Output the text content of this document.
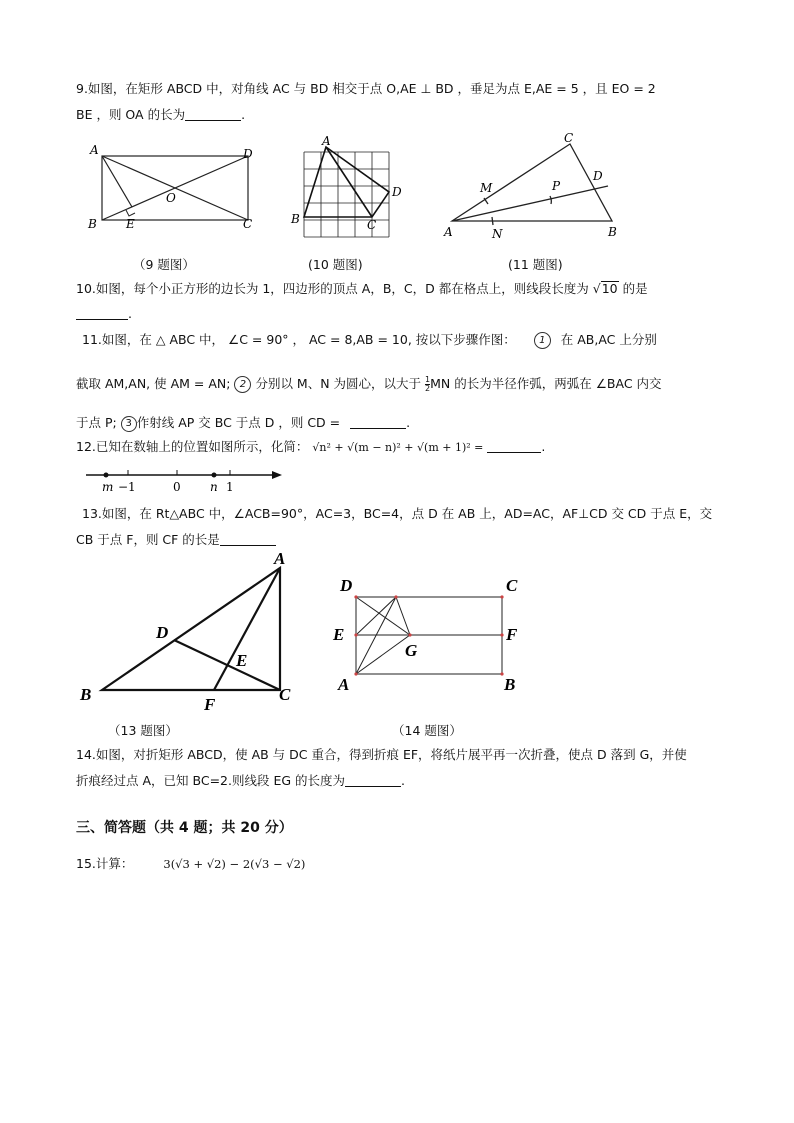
9.如图，在矩形 ABCD 中，对角线 AC 与 BD 相交于点 O,AE ⊥ BD ，垂足为点 E,AE = 5 ，且 EO = 2
BE ，则 OA 的长为	.
A	D
B	C
E
O
（9 题图）
A
B	C
D
(10 题图)
C
M	P
D
A	N	B
(11 题图)
10.如图，每个小正方形的边长为 1，四边形的顶点 A，B，C，D 都在格点上，则线段长度为 √10 的是
.
11.如图，在 △ ABC 中， ∠C = 90° ， AC = 8,AB = 10, 按以下步骤作图： 1 在 AB,AC 上分别
截取 AM,AN, 使 AM = AN; 2 分别以 M、N 为圆心，以大于 $\frac{1}{2}$ MN 的长为半径作弧，两弧在 ∠BAC 内交
于点 P; 3 作射线 AP 交 BC 于点 D ，则 CD =	.
12.已知在数轴上的位置如图所示，化简： √n² + √(m − n)² + √(m + 1)² =	.
m −1	0 n 1
13.如图，在 Rt△ABC 中，∠ACB=90°，AC=3，BC=4，点 D 在 AB 上，AD=AC，AF⊥CD 交 CD 于点 E，交
CB 于点 F，则 CF 的长是
A
D
E
B
F
C
（13 题图）
D	C
E	F
G
A	B
（14 题图）
14.如图，对折矩形 ABCD，使 AB 与 DC 重合，得到折痕 EF，将纸片展平再一次折叠，使点 D 落到 G，并使
折痕经过点 A，已知 BC=2.则线段 EG 的长度为	.
三、简答题（共 4 题；共 20 分）
15.计算：	3(√3 + √2) − 2(√3 − √2)
